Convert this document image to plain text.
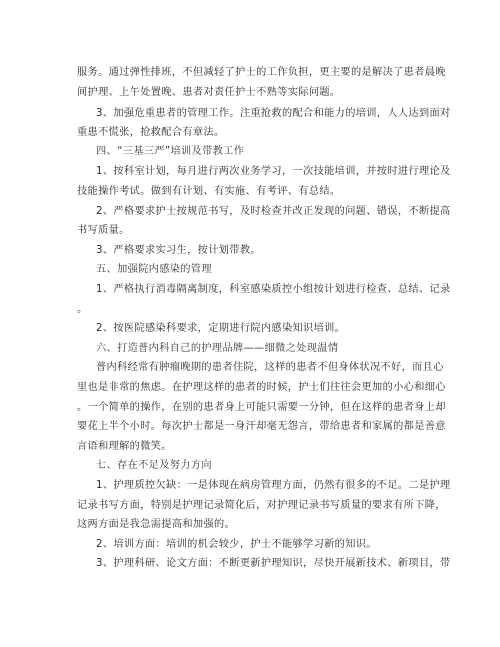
服务。通过弹性排班，不但减轻了护士的工作负担，更主要的是解决了患者晨晚
间护理、上午处置晚、患者对责任护士不熟等实际问题。
3、加强危重患者的管理工作。注重抢救的配合和能力的培训，人人达到面对
重患不慌张，抢救配合有章法。
四、“三基三严”培训及带教工作
1、按科室计划，每月进行两次业务学习，一次技能培训，并按时进行理论及
技能操作考试。做到有计划、有实施、有考评、有总结。
2、严格要求护士按规范书写，及时检查并改正发现的问题、错误，不断提高
书写质量。
3、严格要求实习生，按计划带教。
五、加强院内感染的管理
1、严格执行消毒隔离制度，科室感染质控小组按计划进行检查、总结、记录
。
2、按医院感染科要求，定期进行院内感染知识培训。
六、打造普内科自己的护理品牌——细微之处现温情
普内科经常有肿瘤晚期的患者住院，这样的患者不但身体状况不好，而且心
里也是非常的焦虑。在护理这样的患者的时候，护士们往往会更加的小心和细心
。一个简单的操作，在别的患者身上可能只需要一分钟，但在这样的患者身上却
要花上半个小时。每次护士都是一身汗却毫无怨言，带给患者和家属的都是善意
言语和理解的微笑。
七、存在不足及努力方向
1、护理质控欠缺：一是体现在病房管理方面，仍然有很多的不足。二是护理
记录书写方面，特别是护理记录简化后，对护理记录书写质量的要求有所下降，
这两方面是我急需提高和加强的。
2、培训方面：培训的机会较少，护士不能够学习新的知识。
3、护理科研、论文方面：不断更新护理知识，尽快开展新技术、新项目，带
